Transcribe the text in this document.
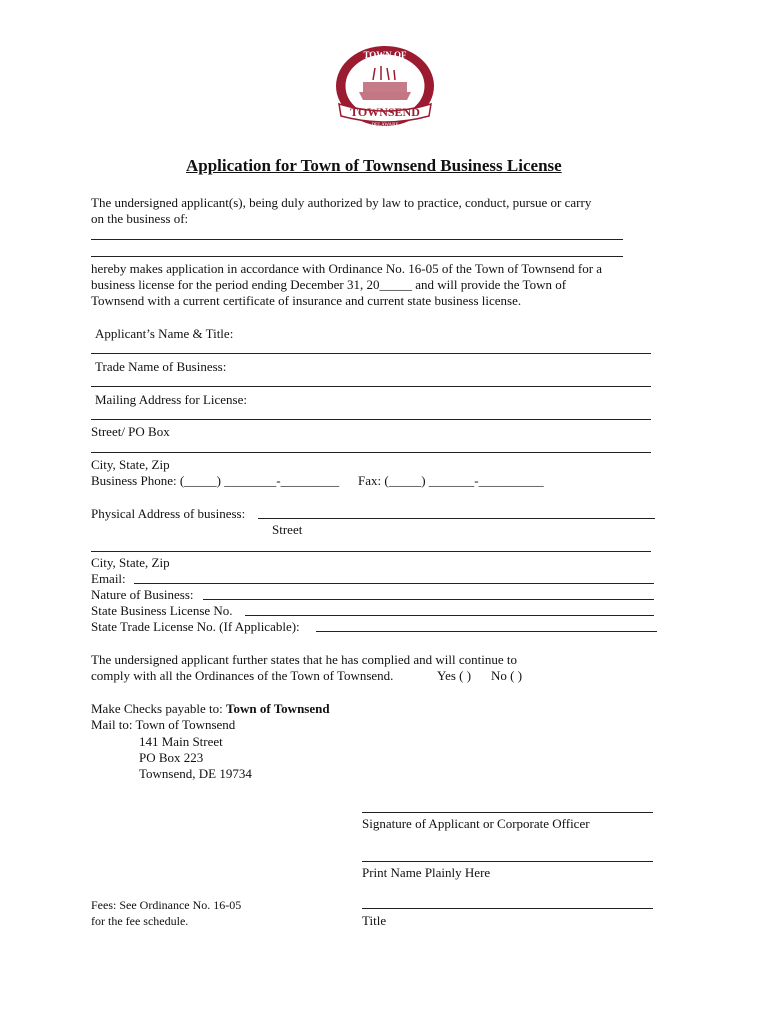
TOWN OF
18	85
TOWNSEND
DELAWARE
Application for Town of Townsend Business License
The undersigned applicant(s), being duly authorized by law to practice, conduct, pursue or carry
on the business of:
hereby makes application in accordance with Ordinance No. 16-05 of the Town of Townsend for a
business license for the period ending December 31, 20_____ and will provide the Town of
Townsend with a current certificate of insurance and current state business license.
Applicant’s Name & Title:
Trade Name of Business:
Mailing Address for License:
Street/ PO Box
City, State, Zip
Business Phone: (_____) ________-_________ Fax: (_____) _______-__________
Physical Address of business:
Street
City, State, Zip
Email:
Nature of Business:
State Business License No.
State Trade License No. (If Applicable):
The undersigned applicant further states that he has complied and will continue to
comply with all the Ordinances of the Town of Townsend.	Yes ( ) No ( )
Make Checks payable to: Town of Townsend
Mail to: Town of Townsend
141 Main Street
PO Box 223
Townsend, DE 19734
Signature of Applicant or Corporate Officer
Print Name Plainly Here
Title
Fees: See Ordinance No. 16-05
for the fee schedule.
